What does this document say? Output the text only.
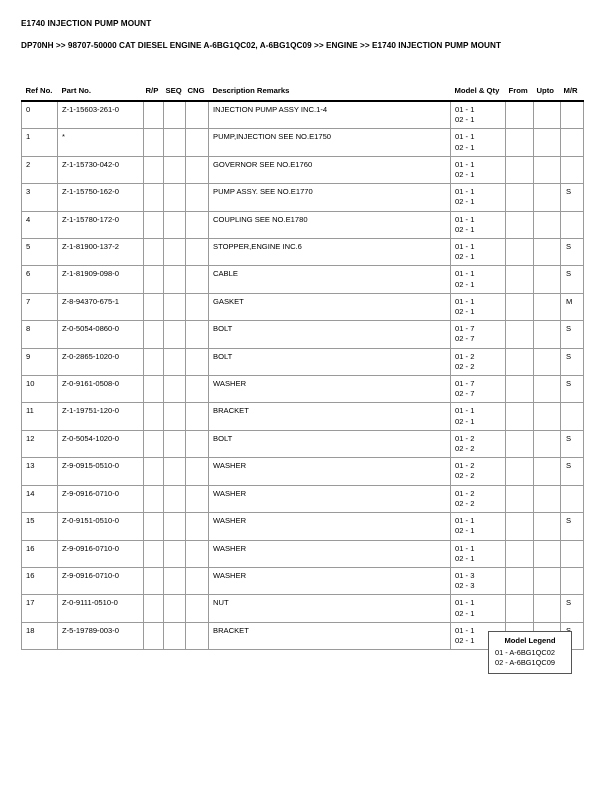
E1740 INJECTION PUMP MOUNT
DP70NH >> 98707-50000 CAT DIESEL ENGINE A-6BG1QC02, A-6BG1QC09 >> ENGINE >> E1740 INJECTION PUMP MOUNT
Ref No.	Part No.	R/P	SEQ	CNG	Description Remarks	Model & Qty	From	Upto	M/R
0	Z-1-15603-261-0				INJECTION PUMP ASSY INC.1-4	01 - 1
02 - 1			

1	*				PUMP,INJECTION SEE NO.E1750	01 - 1
02 - 1			

2	Z-1-15730-042-0				GOVERNOR SEE NO.E1760	01 - 1
02 - 1			

3	Z-1-15750-162-0				PUMP ASSY. SEE NO.E1770	01 - 1
02 - 1			S
4	Z-1-15780-172-0				COUPLING SEE NO.E1780	01 - 1
02 - 1			

5	Z-1-81900-137-2				STOPPER,ENGINE INC.6	01 - 1
02 - 1			S
6	Z-1-81909-098-0				CABLE	01 - 1
02 - 1			S
7	Z-8-94370-675-1				GASKET	01 - 1
02 - 1			M
8	Z-0-5054-0860-0				BOLT	01 - 7
02 - 7			S
9	Z-0-2865-1020-0				BOLT	01 - 2
02 - 2			S
10	Z-0-9161-0508-0				WASHER	01 - 7
02 - 7			S
11	Z-1-19751-120-0				BRACKET	01 - 1
02 - 1			

12	Z-0-5054-1020-0				BOLT	01 - 2
02 - 2			S
13	Z-9-0915-0510-0				WASHER	01 - 2
02 - 2			S
14	Z-9-0916-0710-0				WASHER	01 - 2
02 - 2			

15	Z-0-9151-0510-0				WASHER	01 - 1
02 - 1			S
16	Z-9-0916-0710-0				WASHER	01 - 1
02 - 1			

16	Z-9-0916-0710-0				WASHER	01 - 3
02 - 3			

17	Z-0-9111-0510-0				NUT	01 - 1
02 - 1			S
18	Z-5-19789-003-0				BRACKET	01 - 1
02 - 1
				Model Legend
01 - A-6BG1QC02
02 - A-6BG1QC09
